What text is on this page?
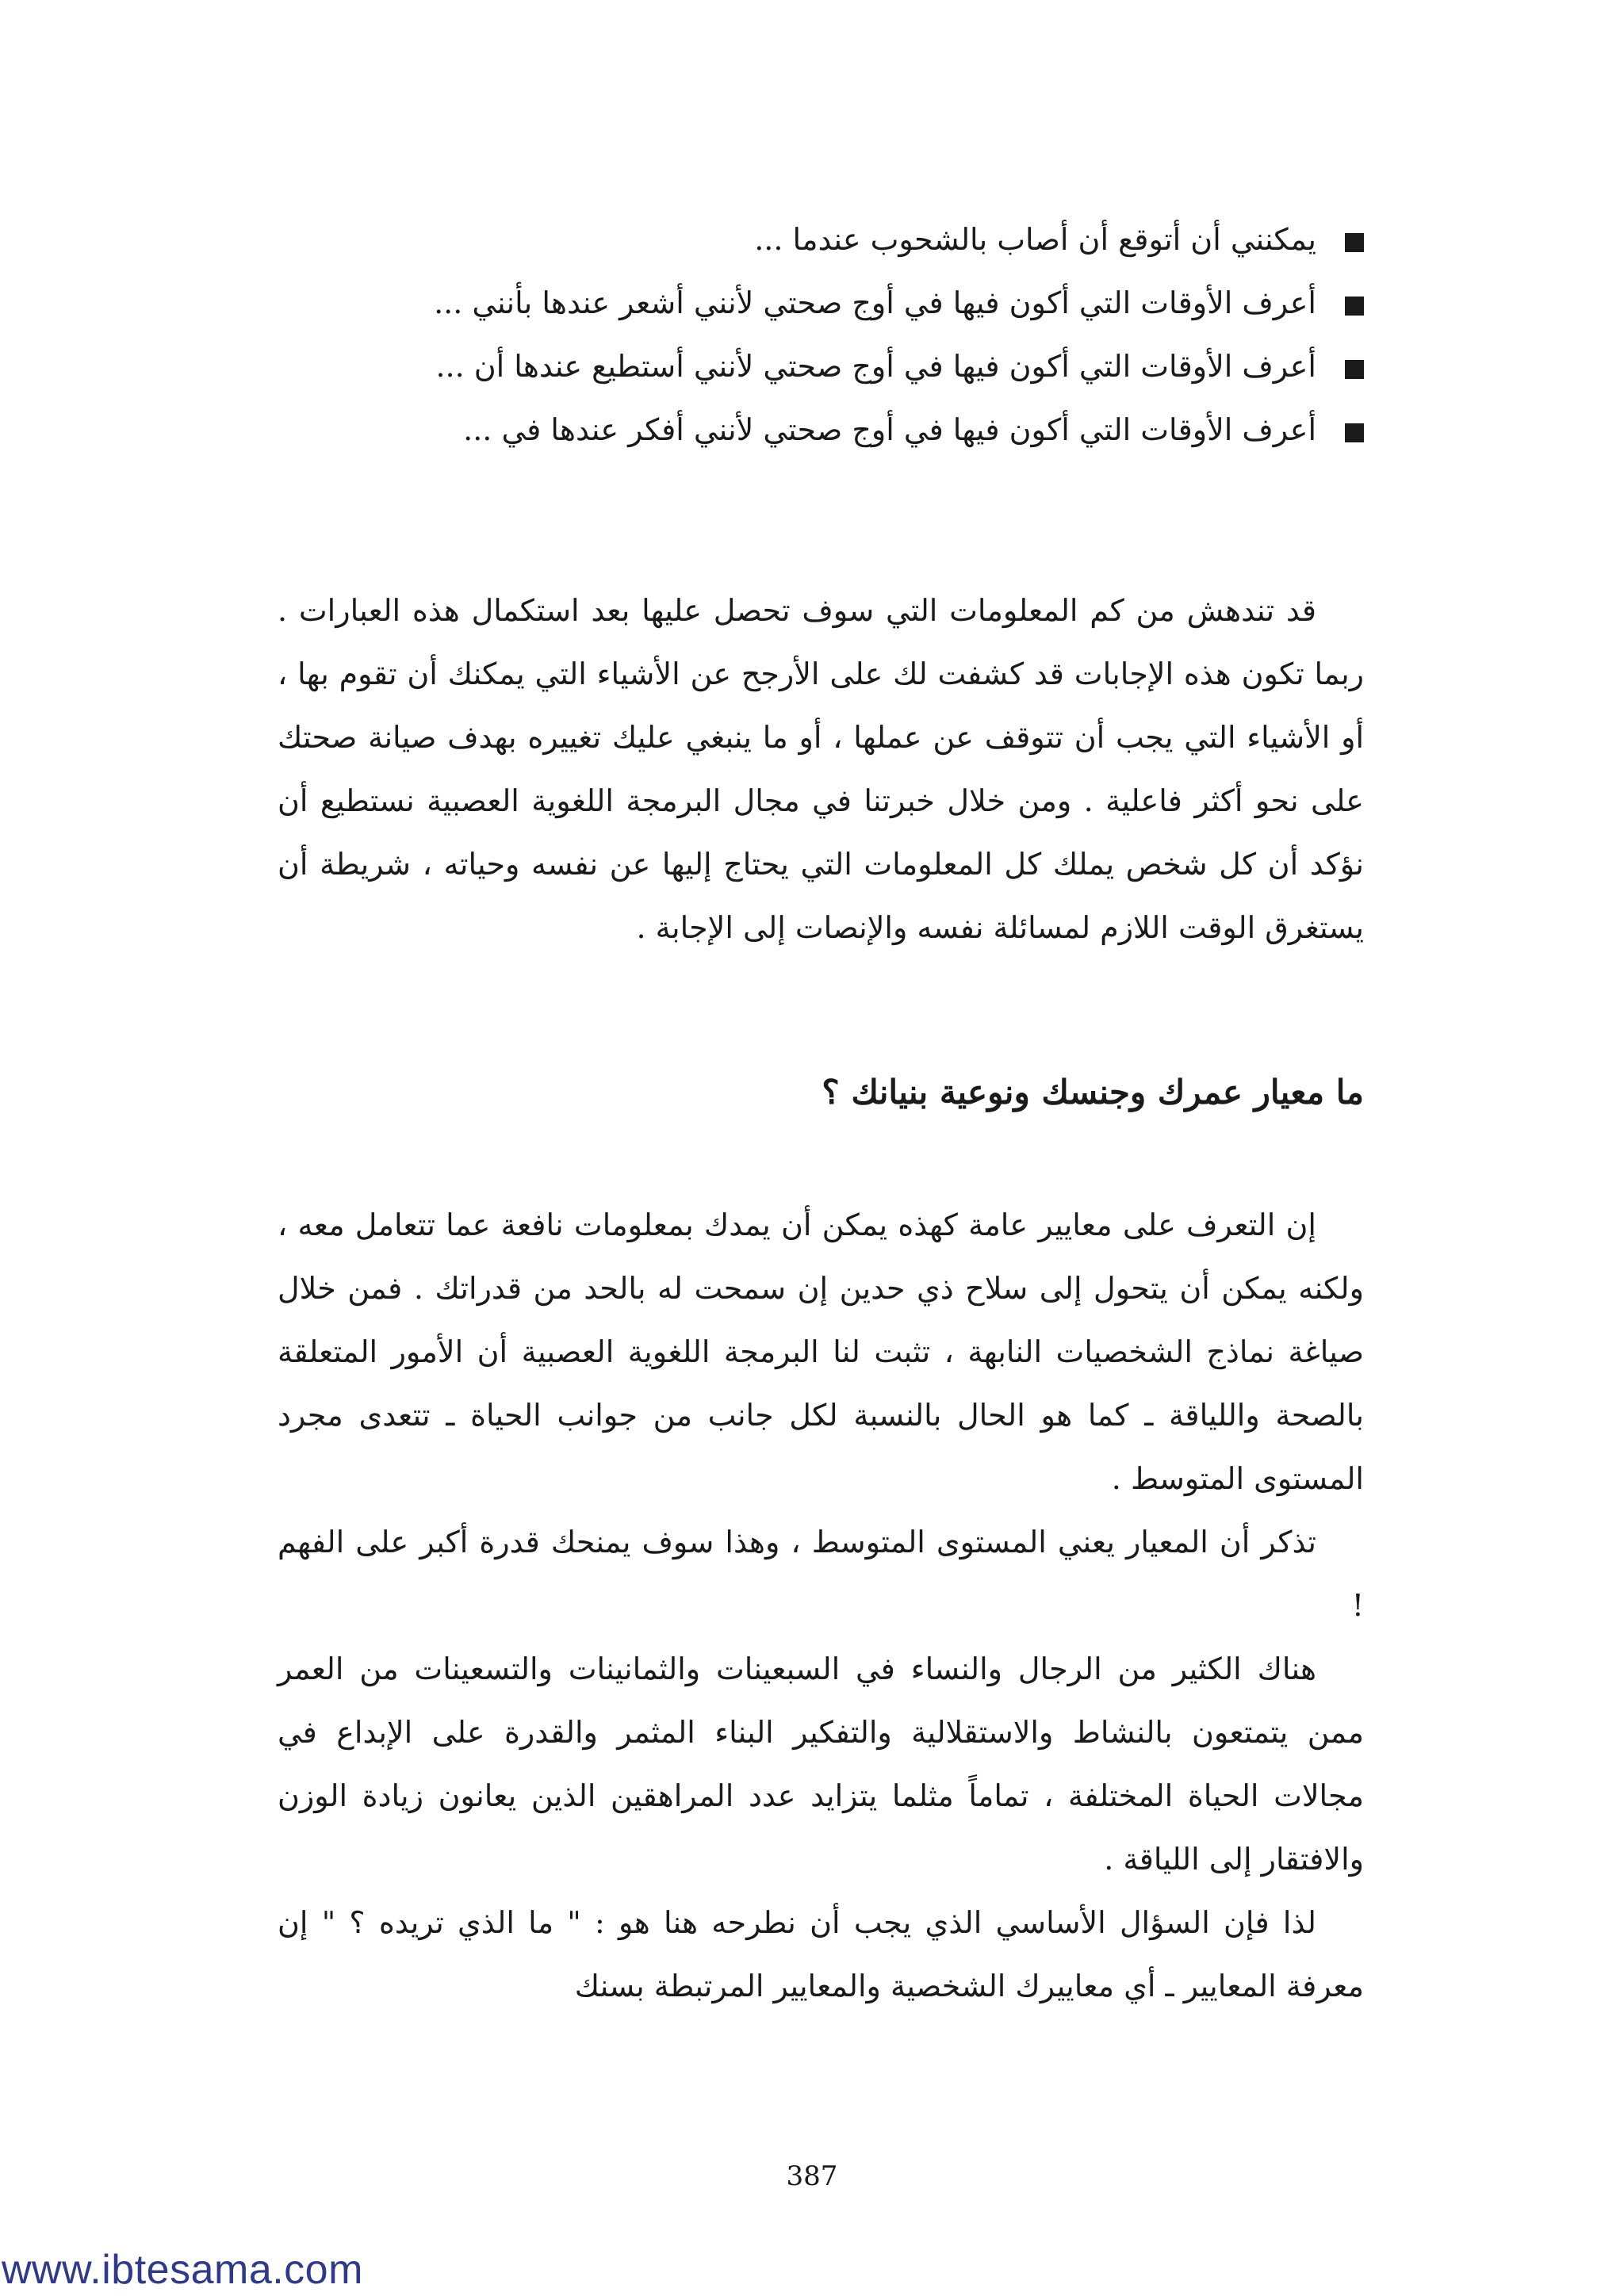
يمكنني أن أتوقع أن أصاب بالشحوب عندما ...
أعرف الأوقات التي أكون فيها في أوج صحتي لأنني أشعر عندها بأنني ...
أعرف الأوقات التي أكون فيها في أوج صحتي لأنني أستطيع عندها أن ...
أعرف الأوقات التي أكون فيها في أوج صحتي لأنني أفكر عندها في ...

قد تندهش من كم المعلومات التي سوف تحصل عليها بعد استكمال هذه العبارات . ربما تكون هذه الإجابات قد كشفت لك على الأرجح عن الأشياء التي يمكنك أن تقوم بها ، أو الأشياء التي يجب أن تتوقف عن عملها ، أو ما ينبغي عليك تغييره بهدف صيانة صحتك على نحو أكثر فاعلية . ومن خلال خبرتنا في مجال البرمجة اللغوية العصبية نستطيع أن نؤكد أن كل شخص يملك كل المعلومات التي يحتاج إليها عن نفسه وحياته ، شريطة أن يستغرق الوقت اللازم لمسائلة نفسه والإنصات إلى الإجابة .

ما معيار عمرك وجنسك ونوعية بنيانك ؟

إن التعرف على معايير عامة كهذه يمكن أن يمدك بمعلومات نافعة عما تتعامل معه ، ولكنه يمكن أن يتحول إلى سلاح ذي حدين إن سمحت له بالحد من قدراتك . فمن خلال صياغة نماذج الشخصيات النابهة ، تثبت لنا البرمجة اللغوية العصبية أن الأمور المتعلقة بالصحة واللياقة ـ كما هو الحال بالنسبة لكل جانب من جوانب الحياة ـ تتعدى مجرد المستوى المتوسط .

تذكر أن المعيار يعني المستوى المتوسط ، وهذا سوف يمنحك قدرة أكبر على الفهم !

هناك الكثير من الرجال والنساء في السبعينات والثمانينات والتسعينات من العمر ممن يتمتعون بالنشاط والاستقلالية والتفكير البناء المثمر والقدرة على الإبداع في مجالات الحياة المختلفة ، تماماً مثلما يتزايد عدد المراهقين الذين يعانون زيادة الوزن والافتقار إلى اللياقة .

لذا فإن السؤال الأساسي الذي يجب أن نطرحه هنا هو : " ما الذي تريده ؟ " إن معرفة المعايير ـ أي معاييرك الشخصية والمعايير المرتبطة بسنك

387
www.ibtesama.com
